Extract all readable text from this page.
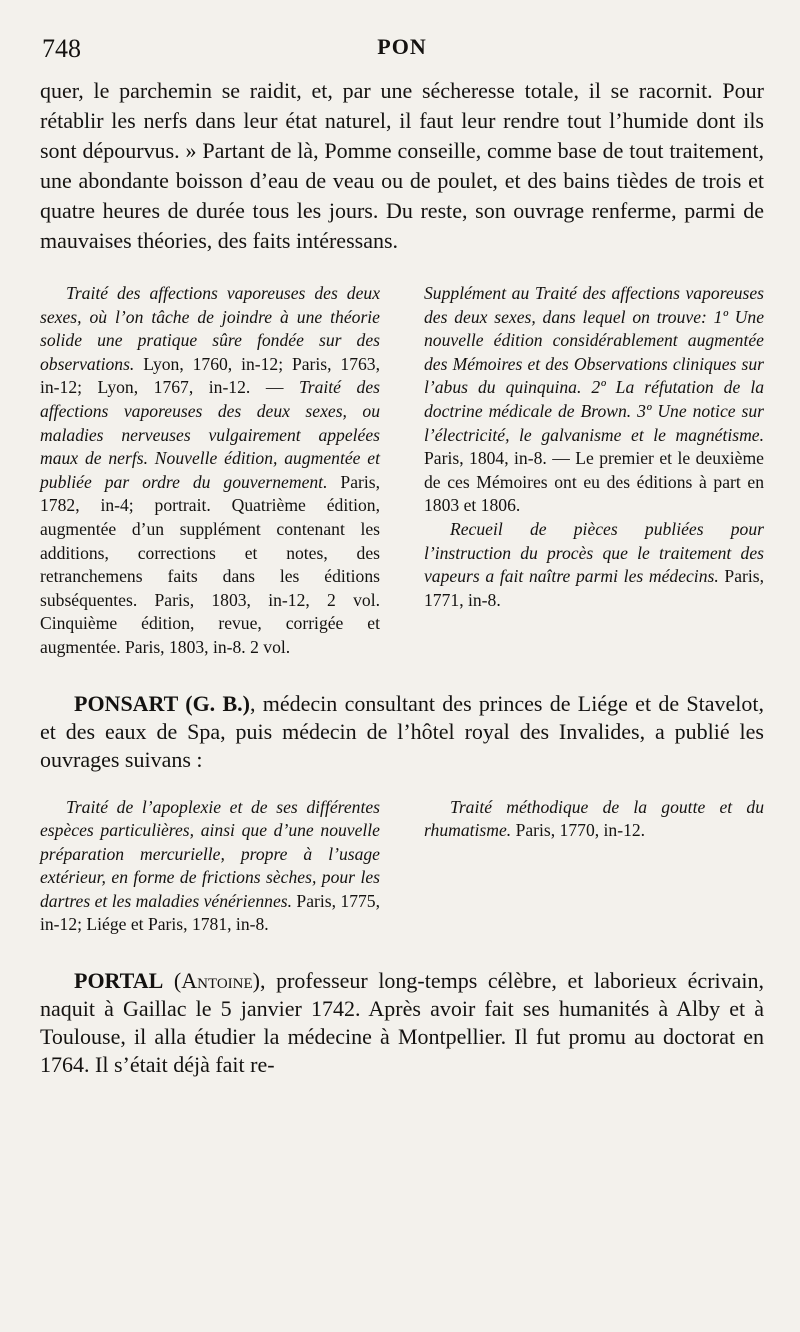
748	PON

quer, le parchemin se raidit, et, par une sécheresse totale, il se racornit. Pour rétablir les nerfs dans leur état naturel, il faut leur rendre tout l’humide dont ils sont dépourvus. » Partant de là, Pomme conseille, comme base de tout traitement, une abondante boisson d’eau de veau ou de poulet, et des bains tièdes de trois et quatre heures de durée tous les jours. Du reste, son ouvrage renferme, parmi de mauvaises théories, des faits intéressans.

Traité des affections vaporeuses des deux sexes, où l’on tâche de joindre à une théorie solide une pratique sûre fondée sur des observations. Lyon, 1760, in-12; Paris, 1763, in-12; Lyon, 1767, in-12. — Traité des affections vaporeuses des deux sexes, ou maladies nerveuses vulgairement appelées maux de nerfs. Nouvelle édition, augmentée et publiée par ordre du gouvernement. Paris, 1782, in-4; portrait. Quatrième édition, augmentée d’un supplément contenant les additions, corrections et notes, des retranchemens faits dans les éditions subséquentes. Paris, 1803, in-12, 2 vol. Cinquième édition, revue, corrigée et augmentée. Paris, 1803, in-8. 2 vol.

Supplément au Traité des affections vaporeuses des deux sexes, dans lequel on trouve: 1º Une nouvelle édition considérablement augmentée des Mémoires et des Observations cliniques sur l’abus du quinquina. 2º La réfutation de la doctrine médicale de Brown. 3º Une notice sur l’électricité, le galvanisme et le magnétisme. Paris, 1804, in-8. — Le premier et le deuxième de ces Mémoires ont eu des éditions à part en 1803 et 1806.

Recueil de pièces publiées pour l’instruction du procès que le traitement des vapeurs a fait naître parmi les médecins. Paris, 1771, in-8.

PONSART (G. B.), médecin consultant des princes de Liége et de Stavelot, et des eaux de Spa, puis médecin de l’hôtel royal des Invalides, a publié les ouvrages suivans :

Traité de l’apoplexie et de ses différentes espèces particulières, ainsi que d’une nouvelle préparation mercurielle, propre à l’usage extérieur, en forme de frictions sèches, pour les dartres et les maladies vénériennes. Paris, 1775, in-12; Liége et Paris, 1781, in-8.

Traité méthodique de la goutte et du rhumatisme. Paris, 1770, in-12.

PORTAL (Antoine), professeur long-temps célèbre, et laborieux écrivain, naquit à Gaillac le 5 janvier 1742. Après avoir fait ses humanités à Alby et à Toulouse, il alla étudier la médecine à Montpellier. Il fut promu au doctorat en 1764. Il s’était déjà fait re-
